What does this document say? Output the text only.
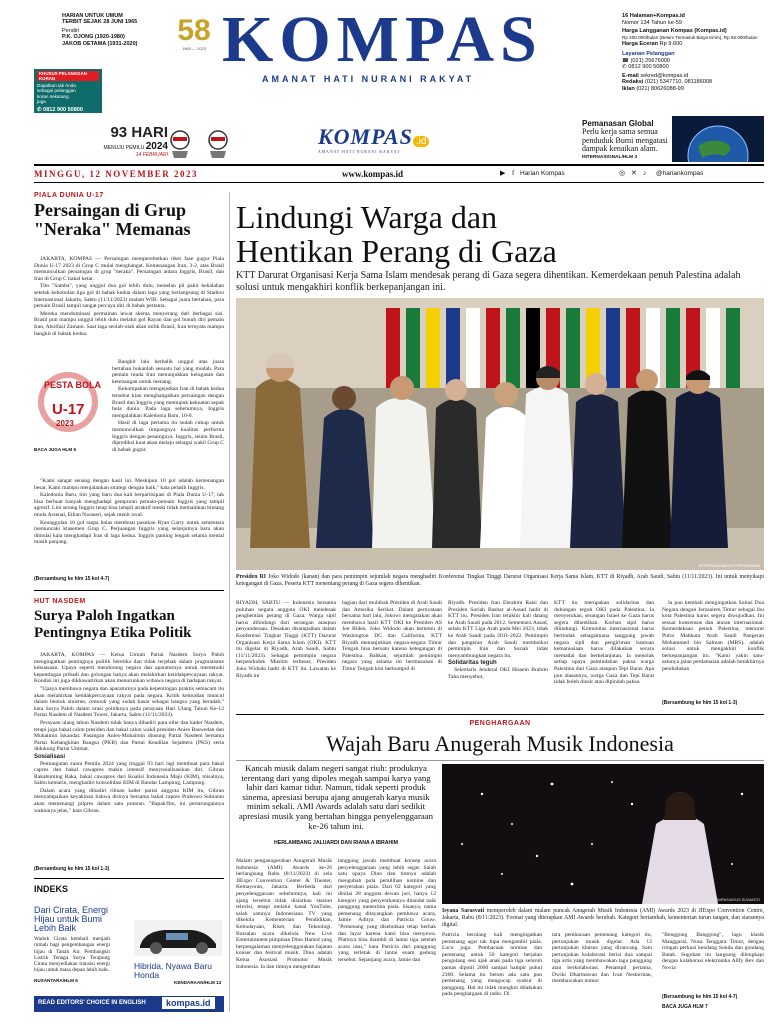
HARIAN UNTUK UMUM
TERBIT SEJAK 28 JUNI 1965
Pendiri
P.K. OJONG (1920-1980)
JAKOB OETAMA (1931-2020)	58
1965 — 2023 KOMPAS
AMANAT HATI NURANI RAKYAT
16 Halaman+Kompas.id
Nomor 134 Tahun ke-59
Harga Langganan Kompas (Kompas.id)
Rp 200.000/bulan (Belum Termasuk Biaya Kirim), Rp 55.000/bulan
Harga Eceran Rp 9.600
Layanan Pelanggan
☎ (021) 25676000
✆ 0812 900 50800
E-mail sekred@kompas.id
Redaksi (021) 5347710, 081186008
Iklan (021) 80626088-99
KHUSUS PELANGGAN KORAN
Dapatkan tak Anda sebagai pelanggan koran sekarang juga
✆ 0812 900 50800
93 HARI
MENUJU PEMILU 2024
14 FEBRUARI
KOMPAS .id
AMANAT HATI NURANI RAKYAT
Pemanasan Global
Perlu kerja sama semua penduduk Bumi mengatasi dampak kenaikan alam.
INTERNASIONAL/HLM 3
MINGGU, 12 NOVEMBER 2023	www.kompas.id	▶ f Harian Kompas	◎ ✕ ♪ @hariankompas
PIALA DUNIA U-17
Persaingan di Grup "Neraka" Memanas

JAKARTA, KOMPAS — Persaingan memperebutkan tiket fase gugur Piala Dunia U-17 2023 di Grup C mulai menghangat. Kemenangan Iran, 3-2, atas Brasil memunculkan persaingan di grup "neraka". Persaingan antara Inggris, Brasil, dan Iran di Grup C bakal ketat.

Tim "Samba", yang unggul dua gol lebih dulu, menelan pil pahit kekalahan setelah kebobolan tiga gol di babak kedua dalam laga yang berlangsung di Stadion Internasional Jakarta, Sabtu (11/11/2023) malam WIB. Sebagai juara bertahan, para pemain Brasil tampil sangat percaya diri di babak pertama.

Mereka mendominasi permainan lewat skema menyerang dari berbagai sisi. Brasil pun mampu unggul lebih dulu melalui gol Rayan dan gol bunuh diri pemain Iran, Abolfazl Zamani. Saat laga seolah-olah akan milik Brasil, Iran ternyata mampu bangkit di babak kedua.

PESTA BOLA
U-17
2023
BACA JUGA HLM 5

Bangkit lalu berbalik unggul atas juara bertahan bukanlah sesuatu hal yang mudah. Para pemain muda Iran menunjukkan kelugasan dan ketenangan untuk menang.

Kekompakan mengejutkan Iran di babak kedua tersebut kian menghangatkan persaingan dengan Brasil dan Inggris yang memupuk kekuatan sepak bola dunia. Pada laga sebelumnya, Inggris mengalahkan Kaledonia Baru, 10-0.

Hasil di laga pertama itu sudah cukup untuk memunculkan timpangnya kualitas performa Inggris dengan pesaingnya. Inggris, selain Brasil, diprediksi kuat akan melaju sebagai wakil Grup C di babak gugur.

"Kami sangat senang dengan hasil ini. Meskipun 10 gol adalah kemenangan besar. Kami mampu menjalankan strategi dengan baik," kata pelatih Inggris.

Kaledonia Baru, tim yang baru dua kali berpartisipasi di Piala Dunia U-17, tak bisa berbuat banyak menghadapi gempuran pemain-pemain Inggris yang tampil agresif. Lini serang Inggris tetap bisa tampil atraktif meski tidak memainkan bintang muda Arsenal, Ethan Nwaneri, sejak menit awal.

Keunggulan 10 gol tanpa balas membuat pasukan Ryan Garry untuk sementara memuncaki klasemen Grup C. Perjuangan Inggris yang selanjutnya baru akan dimulai kala menghadapi Iran di laga kedua. Inggris panting lengah selama mental masih panjang.

(Bersambung ke hlm 15 kol 4-7)
HUT NASDEM
Surya Paloh Ingatkan Pentingnya Etika Politik

JAKARTA, KOMPAS — Ketua Umum Partai Nasdem Surya Paloh mengingatkan pentingnya politik beretika dan tidak terjebak dalam pragmatisme kekuasaan. Upaya seperti mendorong negara dan aparaturnya untuk memenuhi kepentingan pribadi dan golongan hanya akan melahirkan ketidakpercayaan rakyat. Kondisi ini juga dikhawatirkan akan menurunkan wibawa negara di hadapan rakyat.

"Upaya membawa negara dan aparaturnya pada kepentingan praktis semacam itu akan melahirkan ketidakpercayaan rakyat pada negara. Kritik kemudian muncul dalam bentuk sinisme, cemooh yang sudah kasar sebagai bangsa yang beradab," kata Surya Paloh dalam orasi politiknya pada perayaan Hari Ulang Tahun Ke-12 Partai Nasdem di Nasdem Tower, Jakarta, Sabtu (11/11/2023).

Perayaan ulang tahun Nasdem tidak hanya dihadiri para elite dan kader Nasdem, tetapi juga bakal calon presiden dan bakal calon wakil presiden Anies Baswedan dan Muhaimin Iskandar. Pasangan Anies-Muhaimin diusung Partai Nasdem bersama Partai Kebangkitan Bangsa (PKB) dan Partai Keadilan Sejahtera (PKS) serta didukung Partai Ummat.

Sosialisasi

Pemungutan suara Pemilu 2024 yang tinggal 93 hari lagi membuat para bakal capres dan bakal cawapres makin intensif menyosialisasikan diri. Gibran Rakabuming Raka, bakal cawapres dari Koalisi Indonesia Maju (KIM), misalnya, Sabtu kemarin, menghadiri konsolidasi KIM di Bandar Lampung, Lampung.

Dalam acara yang dihadiri ribuan kader partai anggota KIM itu, Gibran menyampaikan keyakinan bahwa dirinya bersama bakal capres Prabowo Subianto akan memenangi pilpres dalam satu putaran. "Bapak/Ibu, ini pertarungannya waktunya jelas," kata Gibran.

(Bersambung ke hlm 15 kol 1-3)
INDEKS
Dari Cirata, Energi Hijau untuk Bumi Lebih Baik
Waduk Cirata kembali menjadi rumah bagi pengembangan energi hijau di Tanah Air. Pembangkit Listrik Tenaga Surya Terapung Cirata menyediakan transisi energi hijau untuk masa depan lebih baik.
NUSANTARA/HLM 6
Hibrida, Nyawa Baru Honda
KENDARAAN/HLM 13
READ EDITORS' CHOICE IN ENGLISH	kompas.id
Lindungi Warga dan
Hentikan Perang di Gaza
KTT Darurat Organisasi Kerja Sama Islam mendesak perang di Gaza segera dihentikan. Kemerdekaan penuh Palestina adalah solusi untuk mengakhiri konflik berkepanjangan ini.
AFP/SPA/HANDOUT PERSIDENAN
Presiden RI Joko Widodo (kanan) dan para pemimpin sejumlah negara menghadiri Konferensi Tingkat Tinggi Darurat Organisasi Kerja Sama Islam, KTT di Riyadh, Arab Saudi, Sabtu (11/11/2023). Ini untuk menyikapi ketegangan di Gaza. Peserta KTT menentang perang di Gaza segera dihentikan.

RIYADH, SABTU — Indonesia bersama puluhan negara anggota OKI mendesak penghentian perang di Gaza. Warga sipil harus dilindungi dari serangan ataupun penyanderaan. Desakan disampaikan dalam Konferensi Tingkat Tinggi (KTT) Darurat Organisasi Kerja Sama Islam (OKI). KTT itu digelar di Riyadh, Arab Saudi, Sabtu (11/11/2023). Sebagai pemimpin negara berpenduduk Muslim terbesar, Presiden Joko Widodo hadir di KTT itu. Lawatan ke Riyadh ini

bagian dari muhibah Presiden di Arab Saudi dan Amerika Serikat. Dalam pernyataan bersama hari lalu, Jokowi mengatakan akan membawa hasil KTT OKI ke Presiden AS Joe Biden. Joko Widodo akan bertemu di Washington DC dan California. KTT Riyadh menunjukkan negara-negara Timur Tengah bisa bersatu karena ketegangan di Palestina. Bahkan, sejumlah pemimpin negara yang selama ini bermusuhan di Timur Tengah kini berkumpul di

Riyadh. Presiden Iran Ebrahim Raisi dan Presiden Suriah Bashar al-Assad hadir di KTT itu. Presiden Iran terakhir kali datang ke Arab Saudi pada 2012. Sementara Assad, selain KTT Liga Arab pada Mei 2023, tidak ke Arab Saudi pada 2011-2022. Pemimpin dan pangeran Arab Saudi memboikot pemimpin Iran dan Suriah tidak menyambungkan negara itu.

Solidaritas teguh

Sekretaris Jenderal OKI Hissein Brahim Taha menyebut,

KTT itu merupakan solidaritas dan dukungan teguh OKI pada Palestina. Ia menyerukan, serangan Israel ke Gaza harus segera dihentikan. Korban sipil harus dilindungi. Komunitas internasional harus bertindak sebagaimana tanggung jawab negara sipil dan pengiriman bantuan kemanusiaan harus dilakukan secara memadai dan berkelanjutan. Ia menolak setiap upaya pemindahan paksa warga Palestina dari Gaza ataupun Tepi Barat. Apa pun alasannya, warga Gaza dan Tepi Barat tidak boleh diusir atau dipindah paksa.

Ia pun kembali mengingatkan Solusi Dua Negara dengan Jerusalem Timur sebagai ibu kota Palestina harus segera diwujudkan. Ini sesuai konsensus dan aturan internasional. Kemerdekaan penuh Palestina, menurut Putra Mahkota Arab Saudi Pangeran Mohammed bin Salman (MBS), adalah solusi untuk mengakhiri konflik berkepanjangan itu. "Kami yakin satu-satunya jalan perdamaian adalah berakhirnya pendudukan

(Bersambung ke hlm 15 kol 1-3)
PENGHARGAAN
Wajah Baru Anugerah Musik Indonesia
Kancah musik dalam negeri sangat riuh: produknya terentang dari yang dipoles megah sampai karya yang lahir dari kamar tidur. Namun, tidak seperti produk sinema, apresiasi berupa ajang anugerah karya musik minim sekali. AMI Awards adalah satu dari sedikit apresiasi musik yang bertahan hingga penyelenggaraan ke-26 tahun ini.
HERLAMBANG JALUARDI DAN RIANA A IBRAHIM
KOMPAS/AGUS SUSANTO
Isyana Sarasvati memperoleh dalam malam puncak Anugerah Musik Indonesia (AMI) Awards 2023 di JIExpo Convention Centre, Jakarta, Rabu (8/11/2023). Format yang diterapkan AMI Awards berubah. Kategori bertambah, kementerian turun tangan, dan siarannya digital.

Malam penganugerahan Anugerah Musik Indonesia (AMI) Awards ke-26 berlangsung Rabu (8/11/2023) di sela JIExpo Convention Center & Theater, Kemayoran, Jakarta. Berbeda dari penyelenggaraan sebelumnya, kali ini ajang tersebut tidak disiarkan stasiun televisi, tetapi melalui kanal YouTube, salah satunya Indonesiana TV yang dikelola Kementerian Pendidikan, Kebudayaan, Riset, dan Teknologi. Bursalan acara dikelola New Live Entertainment pimpinan Dino Hamid yang berpengalaman menyelenggarakan hajatan konser dan festival musik. Dino adalah Ketua Asosiasi Promotor Musik Indonesia. Ia dan timnya mengemban

tanggung jawab membuat konsep acara penyelenggaraan yang lebih segar. Salah satu upaya Dino dan timnya adalah mengubah pola pemilihan nomine dan penyerahan piala. Dari 62 kategori yang dinilai 28 anggota dewan juri, hanya 12 kategori yang penyerahannya ditandai naik panggung menerima piala. Sisanya, nama pemenang ditayangkan pembawa acara, Jamie Aditya dan Patricia Gouw. "Pemenang yang disebutkan tetap berhak dan layar karena kami bisa menyewa. Platinya bisa diambil di lantai tiga setelah acara usai," kata Patricia dari panggung yang terletak di lantai enam gedung tersebut. Sepanjang acara, Jamie dan

Patricia berulang kali mengingatkan pemenang agar tak lupa mengambil piala. Lucu juga. Pembacaan nomine dan pemenang untuk 50 kategori berjalan pengulang sesi ajak anak pada tiga seluruh pantas dipotil 2000 sampai hampir pukul 2300. Selama itu belum ada satu pun pemenang yang mengucap syukur di panggung. Hal itu tidak mungkin dilakukan pada penghargaan di radio. Di

tara pembacaan pemenang kategori itu, pertunjukan musik digelar. Ada 12 pertunjukan khusus yang dirancang. Satu pertunjukan kolaborasi berisi dua sampai tiga artis yang membawakan lagu panggung atau berkolaborasi. Penampil pertama, Dwiki Dharmawan dan Ivan Nestorman, membawakan nomor

"Benggong Banggong", lagu klasik Manggarai, Nusa Tenggara Timur, dengan iringan perkusi kendang Sunda dan gondang Batak. Suguhan itu langsung dilengkapi dengan kolaborasi elektronika Allfy Rev dan Novia

(Bersambung ke hlm 15 kol 4-7)
BACA JUGA HLM 7
